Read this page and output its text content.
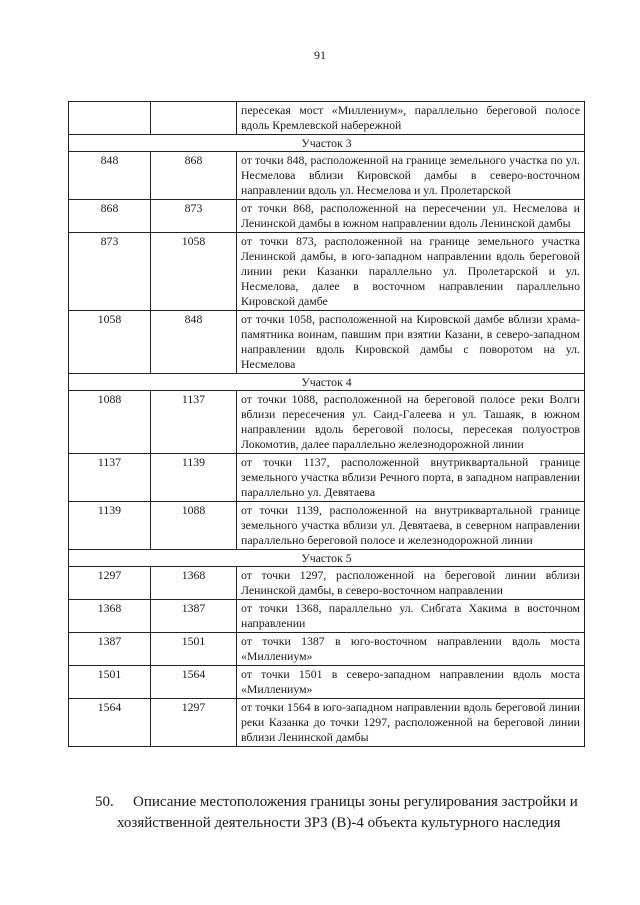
91
		пересекая мост «Миллениум», параллельно береговой полосе вдоль Кремлевской набережной
Участок 3		
848	868	от точки 848, расположенной на границе земельного участка по ул. Несмелова вблизи Кировской дамбы в северо-восточном направлении вдоль ул. Несмелова и ул. Пролетарской
868	873	от точки 868, расположенной на пересечении ул. Несмелова и Ленинской дамбы в южном направлении вдоль Ленинской дамбы
873	1058	от точки 873, расположенной на границе земельного участка Ленинской дамбы, в юго-западном направлении вдоль береговой линии реки Казанки параллельно ул. Пролетарской и ул. Несмелова, далее в восточном направлении параллельно Кировской дамбе
1058	848	от точки 1058, расположенной на Кировской дамбе вблизи храма-памятника воинам, павшим при взятии Казани, в северо-западном направлении вдоль Кировской дамбы с поворотом на ул. Несмелова
Участок 4		
1088	1137	от точки 1088, расположенной на береговой полосе реки Волги вблизи пересечения ул. Саид-Галеева и ул. Ташаяк, в южном направлении вдоль береговой полосы, пересекая полуостров Локомотив, далее параллельно железнодорожной линии
1137	1139	от точки 1137, расположенной внутриквартальной границе земельного участка вблизи Речного порта, в западном направлении параллельно ул. Девятаева
1139	1088	от точки 1139, расположенной на внутриквартальной границе земельного участка вблизи ул. Девятаева, в северном направлении параллельно береговой полосе и железнодорожной линии
Участок 5		
1297	1368	от точки 1297, расположенной на береговой линии вблизи Ленинской дамбы, в северо-восточном направлении
1368	1387	от точки 1368, параллельно ул. Сибгата Хакима в восточном направлении
1387	1501	от точки 1387 в юго-восточном направлении вдоль моста «Миллениум»
1501	1564	от точки 1501 в северо-западном направлении вдоль моста «Миллениум»
1564	1297	от точки 1564 в юго-западном направлении вдоль береговой линии реки Казанка до точки 1297, расположенной на береговой линии вблизи Ленинской дамбы
50. Описание местоположения границы зоны регулирования застройки и
хозяйственной деятельности ЗРЗ (В)-4 объекта культурного наследия
